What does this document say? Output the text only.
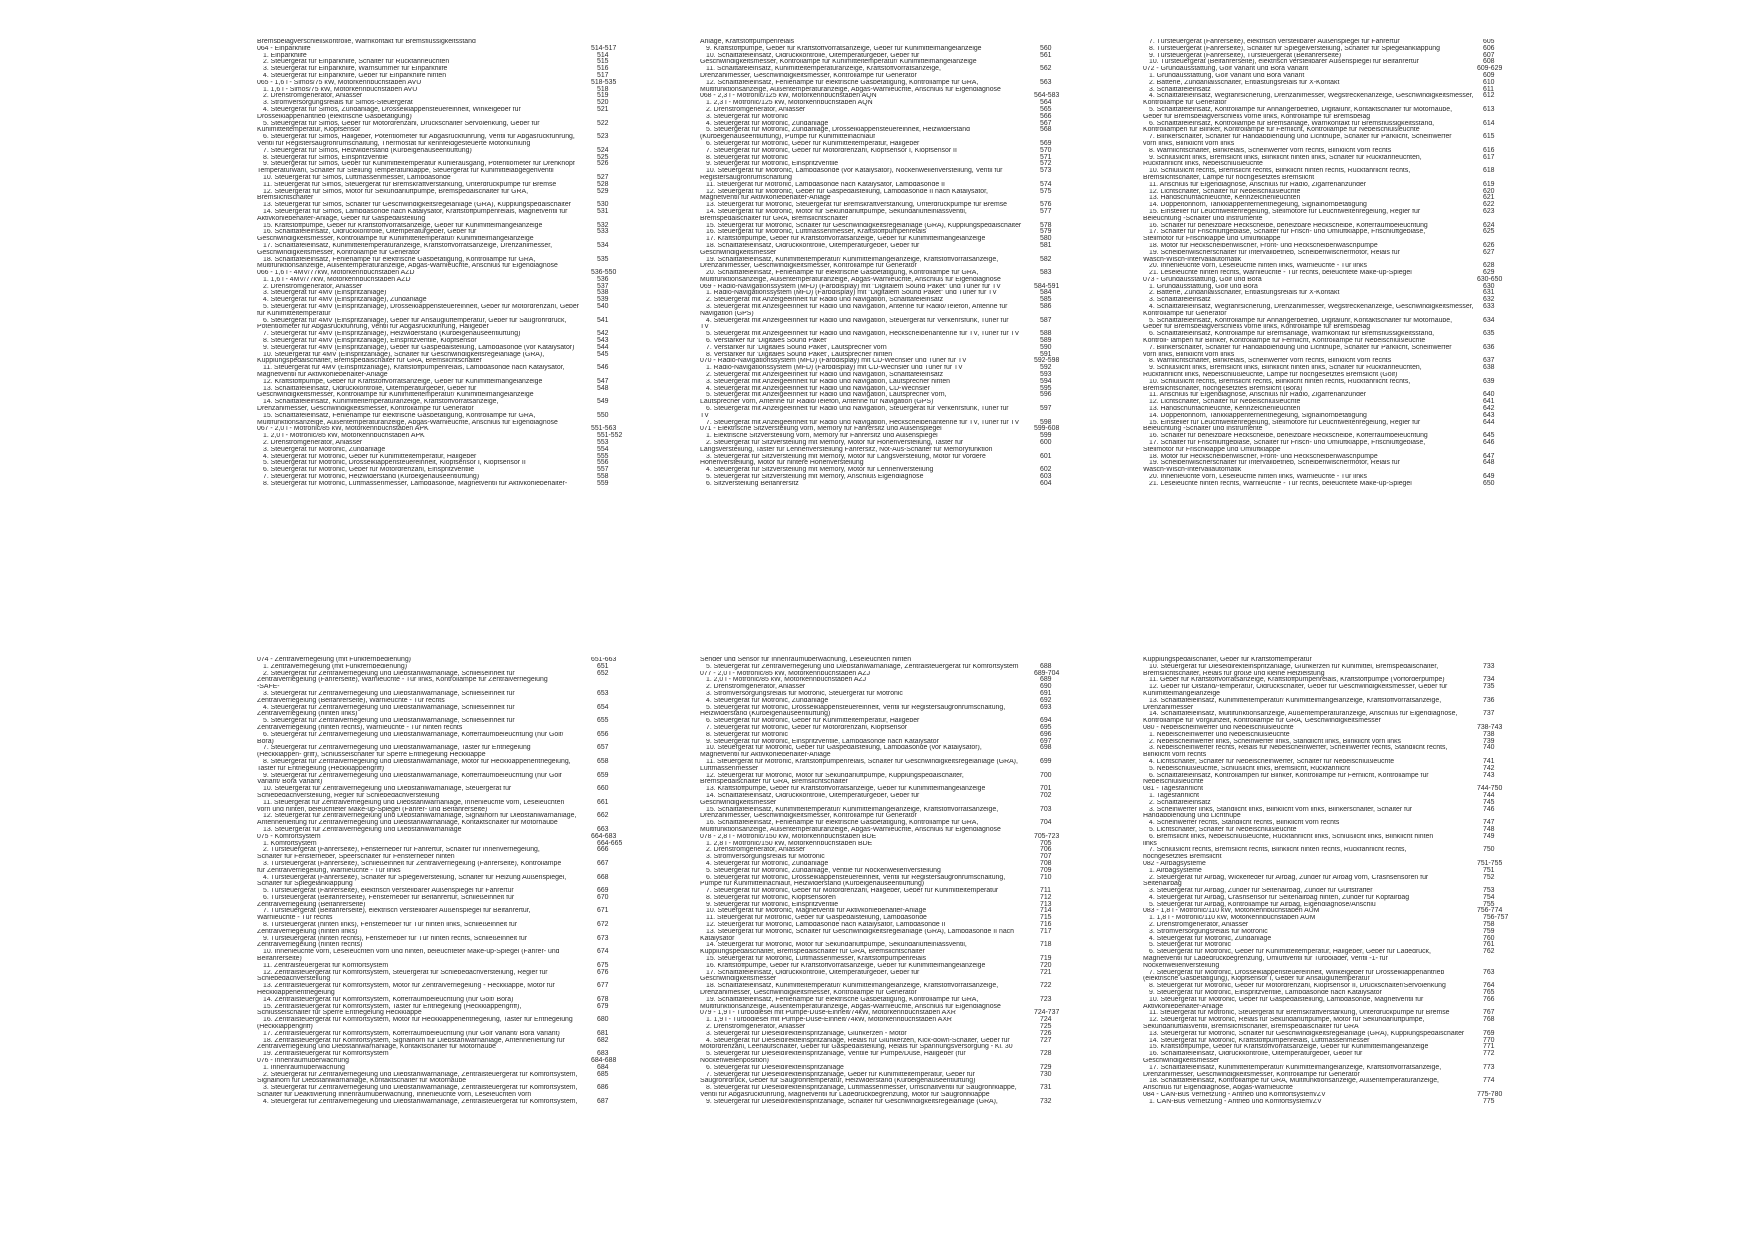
Bremsbelagverschleißkontrolle, Warnkontakt für Bremsflüssigkeitsstand
064 - Einparkhilfe	514-517
1. Einparkhilfe	514
2. Steuergerät für Einparkhilfe, Schalter für Rückfahrleuchten	515
3. Steuergerät für Einparkhilfe, Warnsummer für Einparkhilfe	516
4. Steuergerät für Einparkhilfe, Geber für Einparkhilfe hinten	517
065 - 1,6 l - Simos/75 kW, Motorkennbuchstaben AVU	518-535
1. 1,6 l - Simos/75 kW, Motorkennbuchstaben AVU	518
2. Drehstromgenerator, Anlasser	519
3. Stromversorgungsrelais für Simos-Steuergerät	520
4. Steuergerät für Simos, Zündanlage, Drosselklappensteuereinheit, Winkelgeber für	521
Drosselklappenantrieb (elektrische Gasbetätigung)
5. Steuergerät für Simos, Geber für Motordrehzahl, Druckschalter Servolenkung, Geber für	522
Kühlmitteltemperatur, Klopfsensor
6. Steuergerät für Simos, Hallgeber, Potentiometer für Abgasrückführung, Ventil für Abgasrückführung,	523
Ventil für Registersaugrohrumschaltung, Thermostat für kennfeldgesteuerte Motorkühlung
7. Steuergerät für Simos, Heizwiderstand (Kurbelgehäuseentlüftung)	524
8. Steuergerät für Simos, Einspritzventile	525
9. Steuergerät für Simos, Geber für Kühlmitteltemperatur Kühlerausgang, Potentiometer für Drehknopf	526
Temperaturwahl, Schalter für Stellung Temperaturklappe, Steuergerät für Kühlmittelabgegenventil
10. Steuergerät für Simos, Luftmassenmesser, Lambdasonde	527
11. Steuergerät für Simos, Steuergerät für Bremskraftverstärkung, Unterdruckpumpe für Bremse	528
12. Steuergerät für Simos, Motor für Sekundärluftpumpe, Bremspedalschalter für GRA,	529
Bremslichtschalter
13. Steuergerät für Simos, Schalter für Geschwindigkeitsregelanlage (GRA), Kupplungspedalschalter	530
14. Steuergerät für Simos, Lambdasonde nach Katalysator, Kraftstoffpumpenrelais, Magnetventil für	531
Aktivkohlebehälter-Anlage, Geber für Gaspedalstellung
15. Kraftstoffpumpe, Geber für Kraftstoffvorratsanzeige, Geber für Kühlmittelmangelanzeige	532
16. Schalttafeleinsatz, Öldruckkontrolle, Öltemperaturgeber, Geber für	533
Geschwindigkeitsmesser, Kontrollampe für Kühlmitteltemperatur/ Kühlmittelmangelanzeige
17. Schalttafeleinsatz, Kühlmitteltemperaturanzeige, Kraftstoffvorratsanzeige, Drehzahlmesser,	534
Geschwindigkeitsmesser, Kontrollampe für Generator
18. Schalttafeleinsatz, Fehlerlampe für elektrische Gasbetätigung, Kontrollampe für GRA,	535
Multifunktionsanzeige, Außentemperaturanzeige, Abgas-Warnleuchte, Anschluß für Eigendiagnose
066 - 1,6 l - 4MV/77kW, Motorkennbuchstaben AZD	536-550
1. 1,6 l - 4MV/77kW, Motorkennbuchstaben AZD	536
2. Drehstromgenerator, Anlasser	537
3. Steuergerät für 4MV (Einspritzanlage)	538
4. Steuergerät für 4MV (Einspritzanlage), Zündanlage	539
5. Steuergerät für 4MV (Einspritzanlage), Drosselklappensteuereinheit, Geber für Motordrehzahl, Geber	540
für Kühlmitteltemperatur
6. Steuergerät für 4MV (Einspritzanlage), Geber für Ansaugluftemperatur, Geber für Saugrohrdruck,	541
Potentiometer für Abgasrückführung, Ventil für Abgasrückführung, Hallgeber
7. Steuergerät für 4MV (Einspritzanlage), Heizwiderstand (Kurbelgehäuseentlüftung)	542
8. Steuergerät für 4MV (Einspritzanlage), Einspritzventile, Klopfsensor	543
9. Steuergerät für 4MV (Einspritzanlage), Geber für Gaspedalstellung, Lambdasonde (vor Katalysator)	544
10. Steuergerät für 4MV (Einspritzanlage), Schalter für Geschwindigkeitsregelanlage (GRA),	545
Kupplungspedalschalter, Bremspedalschalter für GRA, Bremslichtschalter
11. Steuergerät für 4MV (Einspritzanlage), Kraftstoffpumpenrelais, Lambdasonde nach Katalysator,	546
Magnetventil für Aktivkohlebehälter-Anlage
12. Kraftstoffpumpe, Geber für Kraftstoffvorratsanzeige, Geber für Kühlmittelmangelanzeige	547
13. Schalttafeleinsatz, Öldruckkontrolle, Öltemperaturgeber, Geber für	548
Geschwindigkeitsmesser, Kontrollampe für Kühlmitteltemperatur/ Kühlmittelmangelanzeige
14. Schalttafeleinsatz, Kühlmitteltemperaturanzeige, Kraftstoffvorratsanzeige,	549
Drehzahlmesser, Geschwindigkeitsmesser, Kontrollampe für Generator
15. Schalttafeleinsatz, Fehlerlampe für elektrische Gasbetätigung, Kontrollampe für GRA,	550
Multifunktionsanzeige, Außentemperaturanzeige, Abgas-Warnleuchte, Anschluß für Eigendiagnose
067 - 2,0 l - Motronic/85 kW, Motorkennbuchstaben APK	551-563
1. 2,0 l - Motronic/85 kW, Motorkennbuchstaben APK	551-552
2. Drehstromgenerator, Anlasser	553
3. Steuergerät für Motronic, Zündanlage	554
4. Steuergerät für Motronic, Geber für Kühlmitteltemperatur, Hallgeber	555
5. Steuergerät für Motronic, Drosselklappensteuereinheit, Klopfsensor I, Klopfsensor II	556
6. Steuergerät für Motronic, Geber für Motordrehzahl, Einspritzventile	557
7. Steuergerät für Motronic, Heizwiderstand (Kurbelgehäuseentlüftung)	558
8. Steuergerät für Motronic, Luftmassenmesser, Lambdasonde, Magnetventil für Aktivkohlebehälter-	559
Anlage, Kraftstoffpumpenrelais
9. Kraftstoffpumpe, Geber für Kraftstoffvorratsanzeige, Geber für Kühlmittelmangelanzeige	560
10. Schalttafeleinsatz, Öldruckkontrolle, Öltemperaturgeber, Geber für	561
Geschwindigkeitsmesser, Kontrollampe für Kühlmitteltemperatur/ Kühlmittelmangelanzeige
11. Schalttafeleinsatz, Kühlmitteltemperaturanzeige, Kraftstoffvorratsanzeige,	562
Drehzahlmesser, Geschwindigkeitsmesser, Kontrollampe für Generator
12. Schalttafeleinsatz, Fehlerlampe für elektrische Gasbetätigung, Kontrollampe für GRA,	563
Multifunktionsanzeige, Außentemperaturanzeige, Abgas-Warnleuchte, Anschluß für Eigendiagnose
068 - 2,3 l - Motronic/125 kW, Motorkennbuchstaben AQN	564-583
1. 2,3 l - Motronic/125 kW, Motorkennbuchstaben AQN	564
2. Drehstromgenerator, Anlasser	565
3. Steuergerät für Motronic	566
4. Steuergerät für Motronic, Zündanlage	567
5. Steuergerät für Motronic, Zündanlage, Drosselklappensteuereinheit, Heizwiderstand	568
(Kurbelgehäuseentlüftung), Pumpe für Kühlmittelnachlauf
6. Steuergerät für Motronic, Geber für Kühlmitteltemperatur, Hallgeber	569
7. Steuergerät für Motronic, Geber für Motordrehzahl, Klopfsensor I, Klopfsensor II	570
8. Steuergerät für Motronic	571
9. Steuergerät für Motronic, Einspritzventile	572
10. Steuergerät für Motronic, Lambdasonde (vor Katalysator), Nockenwellenverstellung, Ventil für	573
Registersaugrohrumschaltung
11. Steuergerät für Motronic, Lambdasonde nach Katalysator, Lambdasonde II	574
12. Steuergerät für Motronic, Geber für Gaspedalstellung, Lambdasonde II nach Katalysator,	575
Magnetventil für Aktivkohlebehälter-Anlage
13. Steuergerät für Motronic, Steuergerät für Bremskraftverstärkung, Unterdruckpumpe für Bremse	576
14. Steuergerät für Motronic, Motor für Sekundärluftpumpe, Sekundärlufteinlassventil,	577
Bremspedalschalter für GRA, Bremslichtschalter
15. Steuergerät für Motronic, Schalter für Geschwindigkeitsregelanlage (GRA), Kupplungspedalschalter	578
16. Steuergerät für Motronic, Luftmassenmesser, Kraftstoffpumpenrelais	579
17. Kraftstoffpumpe, Geber für Kraftstoffvorratsanzeige, Geber für Kühlmittelmangelanzeige	580
18. Schalttafeleinsatz, Öldruckkontrolle, Öltemperaturgeber, Geber für	581
Geschwindigkeitsmesser
19. Schalttafeleinsatz, Kühlmitteltemperatur/ Kühlmittelmangelanzeige, Kraftstoffvorratsanzeige,	582
Drehzahlmesser, Geschwindigkeitsmesser, Kontrollampe für Generator
20. Schalttafeleinsatz, Fehlerlampe für elektrische Gasbetätigung, Kontrollampe für GRA,	583
Multifunktionsanzeige, Außentemperaturanzeige, Abgas-Warnleuchte, Anschluß für Eigendiagnose
069 - Radio-Navigationssystem (MFD) (Farbdisplay) mit "Digitalem Sound Paket" und Tuner für TV	584-591
1. Radio-Navigationssystem (MFD) (Farbdisplay) mit "Digitalem Sound Paket" und Tuner für TV	584
2. Steuergerät mit Anzeigeeinheit für Radio und Navigation, Schalttafeleinsatz	585
3. Steuergerät mit Anzeigeeinheit für Radio und Navigation, Antenne für Radio/Telefon, Antenne für	586
Navigation (GPS)
4. Steuergerät mit Anzeigeeinheit für Radio und Navigation, Steuergerät für Verkehrsfunk, Tuner für	587
TV
5. Steuergerät mit Anzeigeeinheit für Radio und Navigation, Heckscheibenantenne für TV, Tuner für TV	588
6. Verstärker für 'Digitales Sound Paket'	589
7. Verstärker für 'Digitales Sound Paket', Lautsprecher vorn	590
8. Verstärker für 'Digitales Sound Paket', Lautsprecher hinten	591
070 - Radio-Navigationssystem (MFD) (Farbdisplay) mit CD-Wechsler und Tuner für TV	592-598
1. Radio-Navigationssystem (MFD) (Farbdisplay) mit CD-Wechsler und Tuner für TV	592
2. Steuergerät mit Anzeigeeinheit für Radio und Navigation, Schalttafeleinsatz	593
3. Steuergerät mit Anzeigeeinheit für Radio und Navigation, Lautsprecher hinten	594
4. Steuergerät mit Anzeigeeinheit für Radio und Navigation, CD-Wechsler	595
5. Steuergerät mit Anzeigeeinheit für Radio und Navigation, Lautsprecher vorn,	596
Lautsprecher vorn, Antenne für Radio/Telefon, Antenne für Navigation (GPS)
6. Steuergerät mit Anzeigeeinheit für Radio und Navigation, Steuergerät für Verkehrsfunk, Tuner für	597
TV
7. Steuergerät mit Anzeigeeinheit für Radio und Navigation, Heckscheibenantenne für TV, Tuner für TV	598
071 - Elektrische Sitzverstellung vorn, Memory für Fahrersitz und Außenspiegel	599-608
1. Elektrische Sitzverstellung vorn, Memory für Fahrersitz und Außenspiegel	599
2. Steuergerät für Sitzverstellung mit Memory, Motor für Höhenverstellung, Taster für	600
Längsverstellung, Taster für Lehnenverstellung Fahrersitz, Not-Aus-Schalter für Memoryfunktion
3. Steuergerät für Sitzverstellung mit Memory, Motor für Längsverstellung, Motor für vordere	601
Höhenverstellung, Motor für hintere Höhenverstellung
4. Steuergerät für Sitzverstellung mit Memory, Motor für Lehnenverstellung	602
5. Steuergerät für Sitzverstellung mit Memory, Anschluß Eigendiagnose	603
6. Sitzverstellung Beifahrersitz	604
7. Türsteuergerät (Fahrerseite), elektrisch verstellbarer Außenspiegel für Fahrertür	605
8. Türsteuergerät (Fahrerseite), Schalter für Spiegelverstellung, Schalter für Spiegelanklappung	606
9. Türsteuergerät (Fahrerseite), Türsteuergerät (Beifahrerseite)	607
10. Türsteuergerät (Beifahrerseite), elektrisch verstellbarer Außenspiegel für Beifahrertür	608
072 - Grundausstattung, Golf Variant und Bora Variant	609-629
1. Grundausstattung, Golf Variant und Bora Variant	609
2. Batterie, Zündanlaßschalter, Entlastungsrelais für X-Kontakt	610
3. Schalttafeleinsatz	611
4. Schalttafeleinsatz, Wegfahrsicherung, Drehzahlmesser, Wegstreckenanzeige, Geschwindigkeitsmesser,	612
Kontrollampe für Generator
5. Schalttafeleinsatz, Kontrollampe für Anhängerbetrieb, Digitaluhr, Kontaktschalter für Motorhaube,	613
Geber für Bremsbelagverschleiß vorne links, Kontrollampe für Bremsbelag
6. Schalttafeleinsatz, Kontrollampe für Bremsanlage, Warnkontakt für Bremsflüssigkeitsstand,	614
Kontrollampen für Blinker, Kontrollampe für Fernlicht, Kontrollampe für Nebelschlußleuchte
7. Blinkerschalter, Schalter für Handabblendung und Lichthupe, Schalter für Parklicht, Scheinwerfer	615
vorn links, Blinklicht vorn links
8. Warnlichtschalter, Blinkrelais, Scheinwerfer vorn rechts, Blinklicht vorn rechts	616
9. Schlußlicht links, Bremslicht links, Blinklicht hinten links, Schalter für Rückfahrleuchten,	617
Rückfahrlicht links, Nebelschlußleuchte
10. Schlußlicht rechts, Bremslicht rechts, Blinklicht hinten rechts, Rückfahrlicht rechts,	618
Bremslichtschalter, Lampe für hochgesetztes Bremslicht
11. Anschluß für Eigendiagnose, Anschluß für Radio, Zigarrenanzünder	619
12. Lichtschalter, Schalter für Nebelschlußleuchte	620
13. Handschuhfachleuchte, Kennzeichenleuchten	621
14. Doppeltonhorn, Tankklappenfernentriegelung, Signalhornbetätigung	622
15. Einsteller für Leuchtweitenregelung, Stellmotore für Leuchtweitenregelung, Regler für	623
Beleuchtung -Schalter und Instrumente
16. Schalter für beheizbare Heckscheibe, beheizbare Heckscheibe, Kofferraumbeleuchtung	624
17. Schalter für Frischluftgebläse, Schalter für Frisch- und Umluftklappe, Frischluftgebläse,	625
Stellmotor für Frischklappe und Umluftklappe
18. Motor für Heckscheibenwischer, Front- und Heckscheibenwaschpumpe	626
19. Scheibenwischerschalter für Intervallbetrieb, Scheibenwischermotor, Relais für	627
Wasch-Wisch-Intervallautomatik
20. Innenleuchte vorn, Leseleuchte hinten links, Warnleuchte - Tür links	628
21. Leseleuchte hinten rechts, Warnleuchte - Tür rechts, beleuchtete Make-up-Spiegel	629
073 - Grundausstattung, Golf und Bora	630-650
1. Grundausstattung, Golf und Bora	630
2. Batterie, Zündanlaßschalter, Entlastungsrelais für X-Kontakt	631
3. Schalttafeleinsatz	632
4. Schalttafeleinsatz, Wegfahrsicherung, Drehzahlmesser, Wegstreckenanzeige, Geschwindigkeitsmesser,	633
Kontrollampe für Generator
5. Schalttafeleinsatz, Kontrollampe für Anhängerbetrieb, Digitaluhr, Kontaktschalter für Motorhaube,	634
Geber für Bremsbelagverschleiß vorne links, Kontrollampe für Bremsbelag
6. Schalttafeleinsatz, Kontrollampe für Bremsanlage, Warnkontakt für Bremsflüssigkeitsstand,	635
Kontroll- lampen für Blinker, Kontrollampe für Fernlicht, Kontrollampe für Nebelschlußleuchte
7. Blinkerschalter, Schalter für Handabblendung und Lichthupe, Schalter für Parklicht, Scheinwerfer	636
vorn links, Blinklicht vorn links
8. Warnlichtschalter, Blinkrelais, Scheinwerfer vorn rechts, Blinklicht vorn rechts	637
9. Schlußlicht links, Bremslicht links, Blinklicht hinten links, Schalter für Rückfahrleuchten,	638
Rückfahrlicht links, Nebelschlußleuchte, Lampe für hochgesetztes Bremslicht (Golf)
10. Schlußlicht rechts, Bremslicht rechts, Blinklicht hinten rechts, Rückfahrlicht rechts,	639
Bremslichtschalter, hochgesetztes Bremslicht (Bora)
11. Anschluß für Eigendiagnose, Anschluß für Radio, Zigarrenanzünder	640
12. Lichtschalter, Schalter für Nebelschlußleuchte	641
13. Handschuhfachleuchte, Kennzeichenleuchten	642
14. Doppeltonhorn, Tankklappenfernentriegelung, Signalhornbetätigung	643
15. Einsteller für Leuchtweitenregelung, Stellmotore für Leuchtweitenregelung, Regler für	644
Beleuchtung -Schalter und Instrumente
16. Schalter für beheizbare Heckscheibe, beheizbare Heckscheibe, Kofferraumbeleuchtung	645
17. Schalter für Frischluftgebläse, Schalter für Frisch- und Umluftklappe, Frischluftgebläse,	646
Stellmotor für Frischklappe und Umluftklappe
18. Motor für Heckscheibenwischer, Front- und Heckscheibenwaschpumpe	647
19. Scheibenwischerschalter für Intervallbetrieb, Scheibenwischermotor, Relais für	648
Wasch-Wisch-Intervallautomatik
20. Innenleuchte vorn, Leseleuchte hinten links, Warnleuchte - Tür links	649
21. Leseleuchte hinten rechts, Warnleuchte - Tür rechts, beleuchtete Make-up-Spiegel	650
074 - Zentralverriegelung (mit Funkfernbedienung)	651-663
1. Zentralverriegelung (mit Funkfernbedienung)	651
2. Steuergerät für Zentralverriegelung und Diebstahlwarnanlage, Schließeinheit für	652
Zentralverriegelung (Fahrerseite), Warnleuchte - Tür links, Kontrollampe für Zentralverriegelung
-SAFE-
3. Steuergerät für Zentralverriegelung und Diebstahlwarnanlage, Schließeinheit für	653
Zentralverriegelung (Beifahrerseite), Warnleuchte - Tür rechts
4. Steuergerät für Zentralverriegelung und Diebstahlwarnanlage, Schließeinheit für	654
Zentralverriegelung (hinten links)
5. Steuergerät für Zentralverriegelung und Diebstahlwarnanlage, Schließeinheit für	655
Zentralverriegelung (hinten rechts), Warnleuchte - Tür hinten rechts
6. Steuergerät für Zentralverriegelung und Diebstahlwarnanlage, Kofferraumbeleuchtung (nur Golf/	656
Bora)
7. Steuergerät für Zentralverriegelung und Diebstahlwarnanlage, Taster für Entriegelung	657
(Heckklappen- griff), Schlüsselschalter für Sperre Entriegelung Heckklappe
8. Steuergerät für Zentralverriegelung und Diebstahlwarnanlage, Motor für Heckklappenentriegelung,	658
Taster für Entriegelung (Heckklappengriff)
9. Steuergerät für Zentralverriegelung und Diebstahlwarnanlage, Kofferraumbeleuchtung (nur Golf	659
Variant/ Bora Variant)
10. Steuergerät für Zentralverriegelung und Diebstahlwarnanlage, Steuergerät für	660
Schiebedachverstellung, Regler für Schiebedachverstellung
11. Steuergerät für Zentralverriegelung und Diebstahlwarnanlage, Innenleuchte vorn, Leseleuchten	661
vorn und hinten, beleuchteter Make-up-Spiegel (Fahrer- und Beifahrerseite)
12. Steuergerät für Zentralverriegelung und Diebstahlwarnanlage, Signalhorn für Diebstahlwarnanlage,	662
Antennenleitung für Zentralverriegelung und Diebstahlwarnanlage, Kontaktschalter für Motorhaube
13. Steuergerät für Zentralverriegelung und Diebstahlwarnanlage	663
075 - Komfortsystem	664-683
1. Komfortsystem	664-665
2. Türsteuergerät (Fahrerseite), Fensterheber für Fahrertür, Schalter für Innenverriegelung,	666
Schalter für Fensterheber, Speerschalter für Fensterheber hinten
3. Türsteuergerät (Fahrerseite), Schließeinheit für Zentralverriegelung (Fahrerseite), Kontrollampe	667
für Zentralverriegelung, Warnleuchte - Tür links
4. Türsteuergerät (Fahrerseite), Schalter für Spiegelverstellung, Schalter für Heizung Außenspiegel,	668
Schalter für Spiegelanklappung
5. Türsteuergerät (Fahrerseite), elektrisch verstellbarer Außenspiegel für Fahrertür	669
6. Türsteuergerät (Beifahrerseite), Fensterheber für Beifahrertür, Schließeinheit für	670
Zentralverriegelung (Beifahrerseite)
7. Türsteuergerät (Beifahrerseite), elektrisch verstellbarer Außenspiegel für Beifahrertür,	671
Warnleuchte - Tür rechts
8. Türsteuergerät (hinten links), Fensterheber für Tür hinten links, Schließeinheit für	672
Zentralverriegelung (hinten links)
9. Türsteuergerät (hinten rechts), Fensterheber für Tür hinten rechts, Schließeinheit für	673
Zentralverriegelung (hinten rechts)
10. Innenleuchte vorn, Leseleuchten vorn und hinten, beleuchteter Make-up-Spiegel (Fahrer- und	674
Beifahrerseite)
11. Zentralsteuergerät für Komfortsystem	675
12. Zentralsteuergerät für Komfortsystem, Steuergerät für Schiebedachverstellung, Regler für	676
Schiebedachverstellung
13. Zentralsteuergerät für Komfortsystem, Motor für Zentralverriegelung - Heckklappe, Motor für	677
Heckklappenentriegelung
14. Zentralsteuergerät für Komfortsystem, Kofferraumbeleuchtung (nur Golf/ Bora)	678
15. Zentralsteuergerät für Komfortsystem, Taster für Entriegelung (Heckklappengriff),	679
Schlüsselschalter für Sperre Entriegelung Heckklappe
16. Zentralsteuergerät für Komfortsystem, Motor für Heckklappenentriegelung, Taster für Entriegelung	680
(Heckklappengriff)
17. Zentralsteuergerät für Komfortsystem, Kofferraumbeleuchtung (nur Golf Variant/ Bora Variant)	681
18. Zentralsteuergerät für Komfortsystem, Signalhorn für Diebstahlwarnanlage, Antennenleitung für	682
Zentralverriegelung und Diebstahlwarnanlage, Kontaktschalter für Motorhaube
19. Zentralsteuergerät für Komfortsystem	683
076 - Innenraumüberwachung	684-688
1. Innenraumüberwachung	684
2. Steuergerät für Zentralverriegelung und Diebstahlwarnanlage, Zentralsteuergerät für Komfortsystem,	685
Signalhorn für Diebstahlwarnanlage, Kontaktschalter für Motorhaube
3. Steuergerät für Zentralverriegelung und Diebstahlwarnanlage, Zentralsteuergerät für Komfortsystem,	686
Schalter für Deaktivierung Innenraumüberwachung, Innenleuchte vorn, Leseleuchten vorn
4. Steuergerät für Zentralverriegelung und Diebstahlwarnanlage, Zentralsteuergerät für Komfortsystem,	687
Sender und Sensor für Innenraumüberwachung, Leseleuchten hinten
5. Steuergerät für Zentralverriegelung und Diebstahlwarnanlage, Zentralsteuergerät für Komfortsystem	688
077 - 2,0 l - Motronic/85 kW, Motorkennbuchstaben AZJ	689-704
1. 2,0 l - Motronic/85 kW, Motorkennbuchstaben AZJ	689
2. Drehstromgenerator, Anlasser	690
3. Stromversorgungsrelais für Motronic, Steuergerät für Motronic	691
4. Steuergerät für Motronic, Zündanlage	692
5. Steuergerät für Motronic, Drosselklappensteuereinheit, Ventil für Registersaugrohrumschaltung,	693
Heizwiderstand (Kurbelgehäuseentlüftung)
6. Steuergerät für Motronic, Geber für Kühlmitteltemperatur, Hallgeber	694
7. Steuergerät für Motronic, Geber für Motordrehzahl, Klopfsensor	695
8. Steuergerät für Motronic	696
9. Steuergerät für Motronic, Einspritzventile, Lambdasonde nach Katalysator	697
10. Steuergerät für Motronic, Geber für Gaspedalstellung, Lambdasonde (vor Katalysator),	698
Magnetventil für Aktivkohlebehälter-Anlage
11. Steuergerät für Motronic, Kraftstoffpumpenrelais, Schalter für Geschwindigkeitsregelanlage (GRA),	699
Luftmassenmesser
12. Steuergerät für Motronic, Motor für Sekundärluftpumpe, Kupplungspedalschalter,	700
Bremspedalschalter für GRA, Bremslichtschalter
13. Kraftstoffpumpe, Geber für Kraftstoffvorratsanzeige, Geber für Kühlmittelmangelanzeige	701
14. Schalttafeleinsatz, Öldruckkontrolle, Öltemperaturgeber, Geber für	702
Geschwindigkeitsmesser
15. Schalttafeleinsatz, Kühlmitteltemperatur/ Kühlmittelmangelanzeige, Kraftstoffvorratsanzeige,	703
Drehzahlmesser, Geschwindigkeitsmesser, Kontrollampe für Generator
16. Schalttafeleinsatz, Fehlerlampe für elektrische Gasbetätigung, Kontrollampe für GRA,	704
Multifunktionsanzeige, Außentemperaturanzeige, Abgas-Warnleuchte, Anschluß für Eigendiagnose
078 - 2,8 l - Motronic/150 kW, Motorkennbuchstaben BDE	705-723
1. 2,8 l - Motronic/150 kW, Motorkennbuchstaben BDE	705
2. Drehstromgenerator, Anlasser	706
3. Stromversorgungsrelais für Motronic	707
4. Steuergerät für Motronic, Zündanlage	708
5. Steuergerät für Motronic, Zündanlage, Ventile für Nockenwellenverstellung	709
6. Steuergerät für Motronic, Drosselklappensteuereinheit, Ventil für Registersaugrohrumschaltung,	710
Pumpe für Kühlmittelnachlauf, Heizwiderstand (Kurbelgehäuseentlüftung)
7. Steuergerät für Motronic, Geber für Motordrehzahl, Hallgeber, Geber für Kühlmitteltemperatur	711
8. Steuergerät für Motronic, Klopfsensoren	712
9. Steuergerät für Motronic, Einspritzventile	713
10. Steuergerät für Motronic, Magnetventil für Aktivkohlebehälter-Anlage	714
11. Steuergerät für Motronic, Geber für Gaspedalstellung, Lambdasonde	715
12. Steuergerät für Motronic, Lambdasonde nach Katalysator, Lambdasonde II	716
13. Steuergerät für Motronic, Schalter für Geschwindigkeitsregelanlage (GRA), Lambdasonde II nach	717
Katalysator
14. Steuergerät für Motronic, Motor für Sekundärluftpumpe, Sekundärlufteinlassventil,	718
Kupplungspedalschalter, Bremspedalschalter für GRA, Bremslichtschalter
15. Steuergerät für Motronic, Luftmassenmesser, Kraftstoffpumpenrelais	719
16. Kraftstoffpumpe, Geber für Kraftstoffvorratsanzeige, Geber für Kühlmittelmangelanzeige	720
17. Schalttafeleinsatz, Öldruckkontrolle, Öltemperaturgeber, Geber für	721
Geschwindigkeitsmesser
18. Schalttafeleinsatz, Kühlmitteltemperatur/ Kühlmittelmangelanzeige, Kraftstoffvorratsanzeige,	722
Drehzahlmesser, Geschwindigkeitsmesser, Kontrollampe für Generator
19. Schalttafeleinsatz, Fehlerlampe für elektrische Gasbetätigung, Kontrollampe für GRA,	723
Multifunktionsanzeige, Außentemperaturanzeige, Abgas-Warnleuchte, Anschluß für Eigendiagnose
079 - 1,9 l - Turbodiesel mit Pumpe-Düse-Einheit/74kW, Motorkennbuchstaben AXR	724-737
1. 1,9 l - Turbodiesel mit Pumpe-Düse-Einheit/74kW, Motorkennbuchstaben AXR	724
2. Drehstromgenerator, Anlasser	725
3. Steuergerät für Dieseldirekteinspritzanlage, Glühkerzen - Motor	726
4. Steuergerät für Dieseldirekteinspritzanlage, Relais für Glühkerzen, Kick-down-Schalter, Geber für	727
Motordrehzahl, Leerlaufschalter, Geber für Gaspedalstellung, Relais für Spannungsversorgung - Kl. 30
5. Steuergerät für Dieseldirekteinspritzanlage, Ventile für Pumpe/Düse, Hallgeber (für	728
Nockenwellenposition)
6. Steuergerät für Dieseldirekteinspritzanlage	729
7. Steuergerät für Dieseldirekteinspritzanlage, Geber für Kühlmitteltemperatur, Geber für	730
Saugrohrdruck, Geber für Saugrohrtemperatur, Heizwiderstand (Kurbelgehäuseentlüftung)
8. Steuergerät für Dieseldirekteinspritzanlage, Luftmassenmesser, Umschaltventil für Saugrohrklappe,	731
Ventil für Abgasrückführung, Magnetventil für Ladedruckbegrenzung, Motor für Saugrohrklappe
9. Steuergerät für Dieseldirekteinspritzanlage, Schalter für Geschwindigkeitsregelanlage (GRA),	732
Kupplungspedalschalter, Geber für Kraftstofftemperatur
10. Steuergerät für Dieseldirekteinspritzanlage, Glühkerzen für Kühlmittel, Bremspedalschalter,	733
Bremslichtschalter, Relais für große und kleine Heizleistung
11. Geber für Kraftstoffvorratsanzeige, Kraftstoffpumpenrelais, Kraftstoffpumpe (Vorförderpumpe)	734
12. Geber für Ölstand/-temperatur, Öldruckschalter, Geber für Geschwindigkeitsmesser, Geber für	735
Kühlmittelmangelanzeige
13. Schalttafeleinsatz, Kühlmitteltemperatur/ Kühlmittelmangelanzeige, Kraftstoffvorratsanzeige,	736
Drehzahlmesser
14. Schalttafeleinsatz, Multifunktionsanzeige, Außentemperaturanzeige, Anschluß für Eigendiagnose,	737
Kontrollampe für Vorglühzeit, Kontrollampe für GRA, Geschwindigkeitsmesser
080 - Nebelscheinwerfer und Nebelschlußleuchte	738-743
1. Nebelscheinwerfer und Nebelschlußleuchte	738
2. Nebelscheinwerfer links, Scheinwerfer links, Standlicht links, Blinklicht vorn links	739
3. Nebelscheinwerfer rechts, Relais für Nebelscheinwerfer, Scheinwerfer rechts, Standlicht rechts,	740
Blinklicht vorn rechts
4. Lichtschalter, Schalter für Nebelscheinwerfer, Schalter für Nebelschlußleuchte	741
5. Nebelschlußleuchte, Schlußlicht links, Bremslicht, Rückfahrlicht	742
6. Schalttafeleinsatz, Kontrollampen für Blinker, Kontrollampe für Fernlicht, Kontrollampe für	743
Nebelschlußleuchte
081 - Tagesfahrlicht	744-750
1. Tagesfahrlicht	744
2. Schalttafeleinsatz	745
3. Scheinwerfer links, Standlicht links, Blinklicht vorn links, Blinkerschalter, Schalter für	746
Handabblendung und Lichthupe
4. Scheinwerfer rechts, Standlicht rechts, Blinklicht vorn rechts	747
5. Lichtschalter, Schalter für Nebelschlußleuchte	748
6. Bremslicht links, Nebelschlußleuchte, Rückfahrlicht links, Schlußlicht links, Blinklicht hinten	749
links
7. Schlußlicht rechts, Bremslicht rechts, Blinklicht hinten rechts, Rückfahrlicht rechts,	750
hochgesetztes Bremslicht
082 - Airbagsysteme	751-755
1. Airbagsysteme	751
2. Steuergerät für Airbag, Wickelfeder für Airbag, Zünder für Airbag vorn, Crashsensoren für	752
Seitenairbag
3. Steuergerät für Airbag, Zünder für Seitenairbag, Zünder für Gurtstraffer	753
4. Steuergerät für Airbag, Crashsensor für Seitenairbag hinten, Zünder für Kopfairbag	754
5. Steuergerät für Airbag, Kontrollampe für Airbag, Eigendiagnose/Anschlu	755
083 - 1,8 l - Motronic/110 kW, Motorkennbuchstaben AUM	756-774
1. 1,8 l - Motronic/110 kW, Motorkennbuchstaben AUM	756-757
2. Drehstromgenerator, Anlasser	758
3. Stromversorgungsrelais für Motronic	759
4. Steuergerät für Motronic, Zündanlage	760
5. Steuergerät für Motronic	761
6. Steuergerät für Motronic, Geber für Kühlmitteltemperatur, Hallgeber, Geber für Ladedruck,	762
Magnetventil für Ladedruckbegrenzung, Umluftventil für Turbolader, Ventil -1- für
Nockenwellenverstellung
7. Steuergerät für Motronic, Drosselklappensteuereinheit, Winkelgeber für Drosselklappenantrieb	763
(elektrische Gasbetätigung), Klopfsensor I, Geber für Ansaugluftemperatur
8. Steuergerät für Motronic, Geber für Motordrehzahl, Klopfsensor II, Druckschalter/Servolenkung	764
9. Steuergerät für Motronic, Einspritzventile, Lambdasonde nach Katalysator	765
10. Steuergerät für Motronic, Geber für Gaspedalstellung, Lambdasonde, Magnetventil für	766
Aktivkohlebehälter-Anlage
11. Steuergerät für Motronic, Steuergerät für Bremskraftverstärkung, Unterdruckpumpe für Bremse	767
12. Steuergerät für Motronic, Relais für Sekundärluftpumpe, Motor für Sekundärluftpumpe,	768
Sekundärluftlaßventil, Bremslichtschalter, Bremspedalschalter für GRA
13. Steuergerät für Motronic, Schalter für Geschwindigkeitsregelanlage (GRA), Kupplungspedalschalter	769
14. Steuergerät für Motronic, Kraftstoffpumpenrelais, Luftmassenmesser	770
15. Kraftstoffpumpe, Geber für Kraftstoffvorratsanzeige, Geber für Kühlmittelmangelanzeige	771
16. Schalttafeleinsatz, Öldruckkontrolle, Öltemperaturgeber, Geber für	772
Geschwindigkeitsmesser
17. Schalttafeleinsatz, Kühlmitteltemperatur/ Kühlmittelmangelanzeige, Kraftstoffvorratsanzeige,	773
Drehzahlmesser, Geschwindigkeitsmesser, Kontrollampe für Generator
18. Schalttafeleinsatz, Kontrollampe für GRA, Multifunktionsanzeige, Außentemperaturanzeige,	774
Anschluß für Eigendiagnose, Abgas-Warnleuchte
084 - CAN-Bus Vernetzung - Antrieb und Komfortsystem/ZV	775-780
1. CAN-Bus Vernetzung - Antrieb und Komfortsystem/ZV	775
